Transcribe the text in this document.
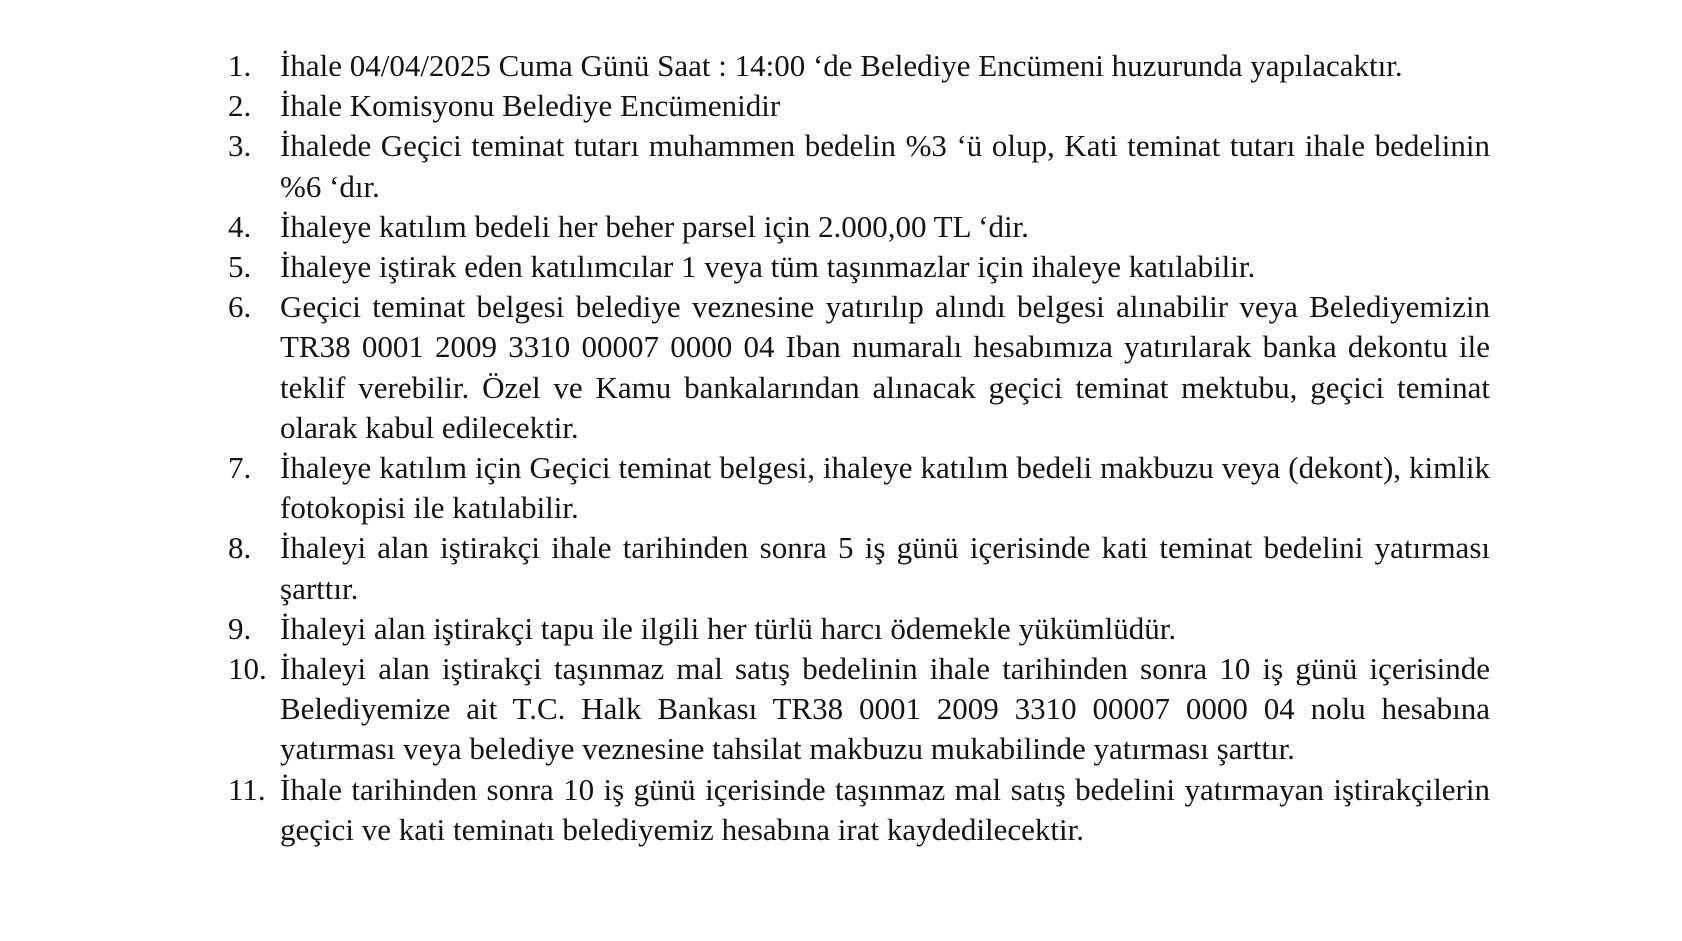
1. İhale 04/04/2025 Cuma Günü Saat : 14:00 ‘de Belediye Encümeni huzurunda yapılacaktır.
2. İhale Komisyonu Belediye Encümenidir
3. İhalede Geçici teminat tutarı muhammen bedelin %3 ‘ü olup, Kati teminat tutarı ihale bedelinin %6 ‘dır.
4. İhaleye katılım bedeli her beher parsel için 2.000,00 TL ‘dir.
5. İhaleye iştirak eden katılımcılar 1 veya tüm taşınmazlar için ihaleye katılabilir.
6. Geçici teminat belgesi belediye veznesine yatırılıp alındı belgesi alınabilir veya Belediyemizin TR38 0001 2009 3310 00007 0000 04 Iban numaralı hesabımıza yatırılarak banka dekontu ile teklif verebilir. Özel ve Kamu bankalarından alınacak geçici teminat mektubu, geçici teminat olarak kabul edilecektir.
7. İhaleye katılım için Geçici teminat belgesi, ihaleye katılım bedeli makbuzu veya (dekont), kimlik fotokopisi ile katılabilir.
8. İhaleyi alan iştirakçi ihale tarihinden sonra 5 iş günü içerisinde kati teminat bedelini yatırması şarttır.
9. İhaleyi alan iştirakçi tapu ile ilgili her türlü harcı ödemekle yükümlüdür.
10. İhaleyi alan iştirakçi taşınmaz mal satış bedelinin ihale tarihinden sonra 10 iş günü içerisinde Belediyemize ait T.C. Halk Bankası TR38 0001 2009 3310 00007 0000 04 nolu hesabına yatırması veya belediye veznesine tahsilat makbuzu mukabilinde yatırması şarttır.
11. İhale tarihinden sonra 10 iş günü içerisinde taşınmaz mal satış bedelini yatırmayan iştirakçilerin geçici ve kati teminatı belediyemiz hesabına irat kaydedilecektir.
